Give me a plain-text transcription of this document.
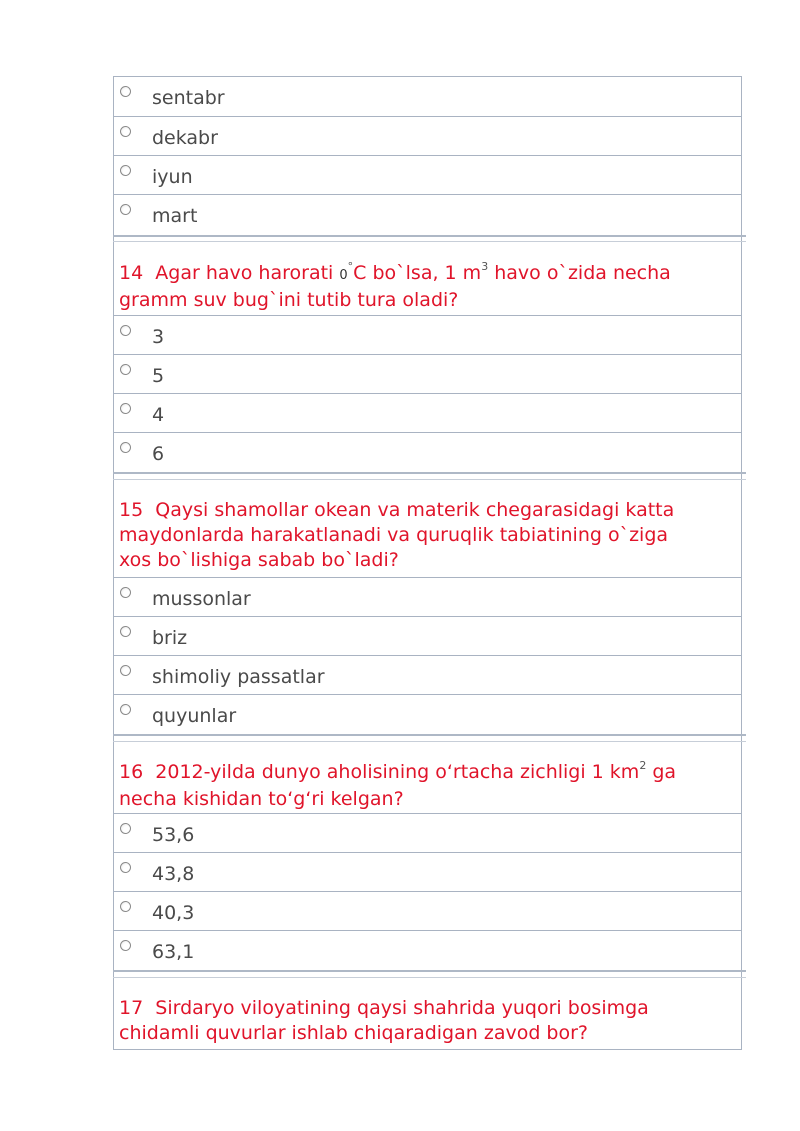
sentabr
dekabr
iyun
mart
14 Agar havo harorati 0°C bo`lsa, 1 $m^3$ havo o`zida necha
gramm suv bug`ini tutib tura oladi?
3
5
4
6
15 Qaysi shamollar okean va materik chegarasidagi katta
maydonlarda harakatlanadi va quruqlik tabiatining o`ziga
xos bo`lishiga sabab bo`ladi?
mussonlar
briz
shimoliy passatlar
quyunlar
16 2012-yilda dunyo aholisining o‘rtacha zichligi 1 $km^2$ ga
necha kishidan to‘g‘ri kelgan?
53,6
43,8
40,3
63,1
17 Sirdaryo viloyatining qaysi shahrida yuqori bosimga
chidamli quvurlar ishlab chiqaradigan zavod bor?
